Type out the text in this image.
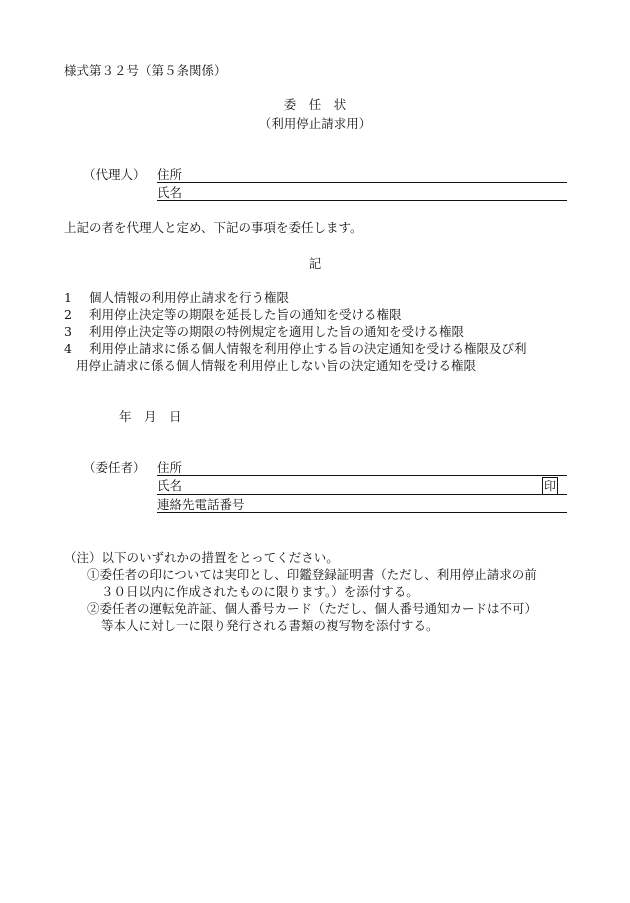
様式第３２号（第５条関係）
委　任　状
（利用停止請求用）
（代理人） 住所
氏名
上記の者を代理人と定め、下記の事項を委任します。
記
1 個人情報の利用停止請求を行う権限
2 利用停止決定等の期限を延長した旨の通知を受ける権限
3 利用停止決定等の期限の特例規定を適用した旨の通知を受ける権限
4 利用停止請求に係る個人情報を利用停止する旨の決定通知を受ける権限及び利
用停止請求に係る個人情報を利用停止しない旨の決定通知を受ける権限
年　月　日
（委任者） 住所
氏名	印
連絡先電話番号
（注）以下のいずれかの措置をとってください。
①委任者の印については実印とし、印鑑登録証明書（ただし、利用停止請求の前
３０日以内に作成されたものに限ります。）を添付する。
②委任者の運転免許証、個人番号カード（ただし、個人番号通知カードは不可）
等本人に対し一に限り発行される書類の複写物を添付する。
